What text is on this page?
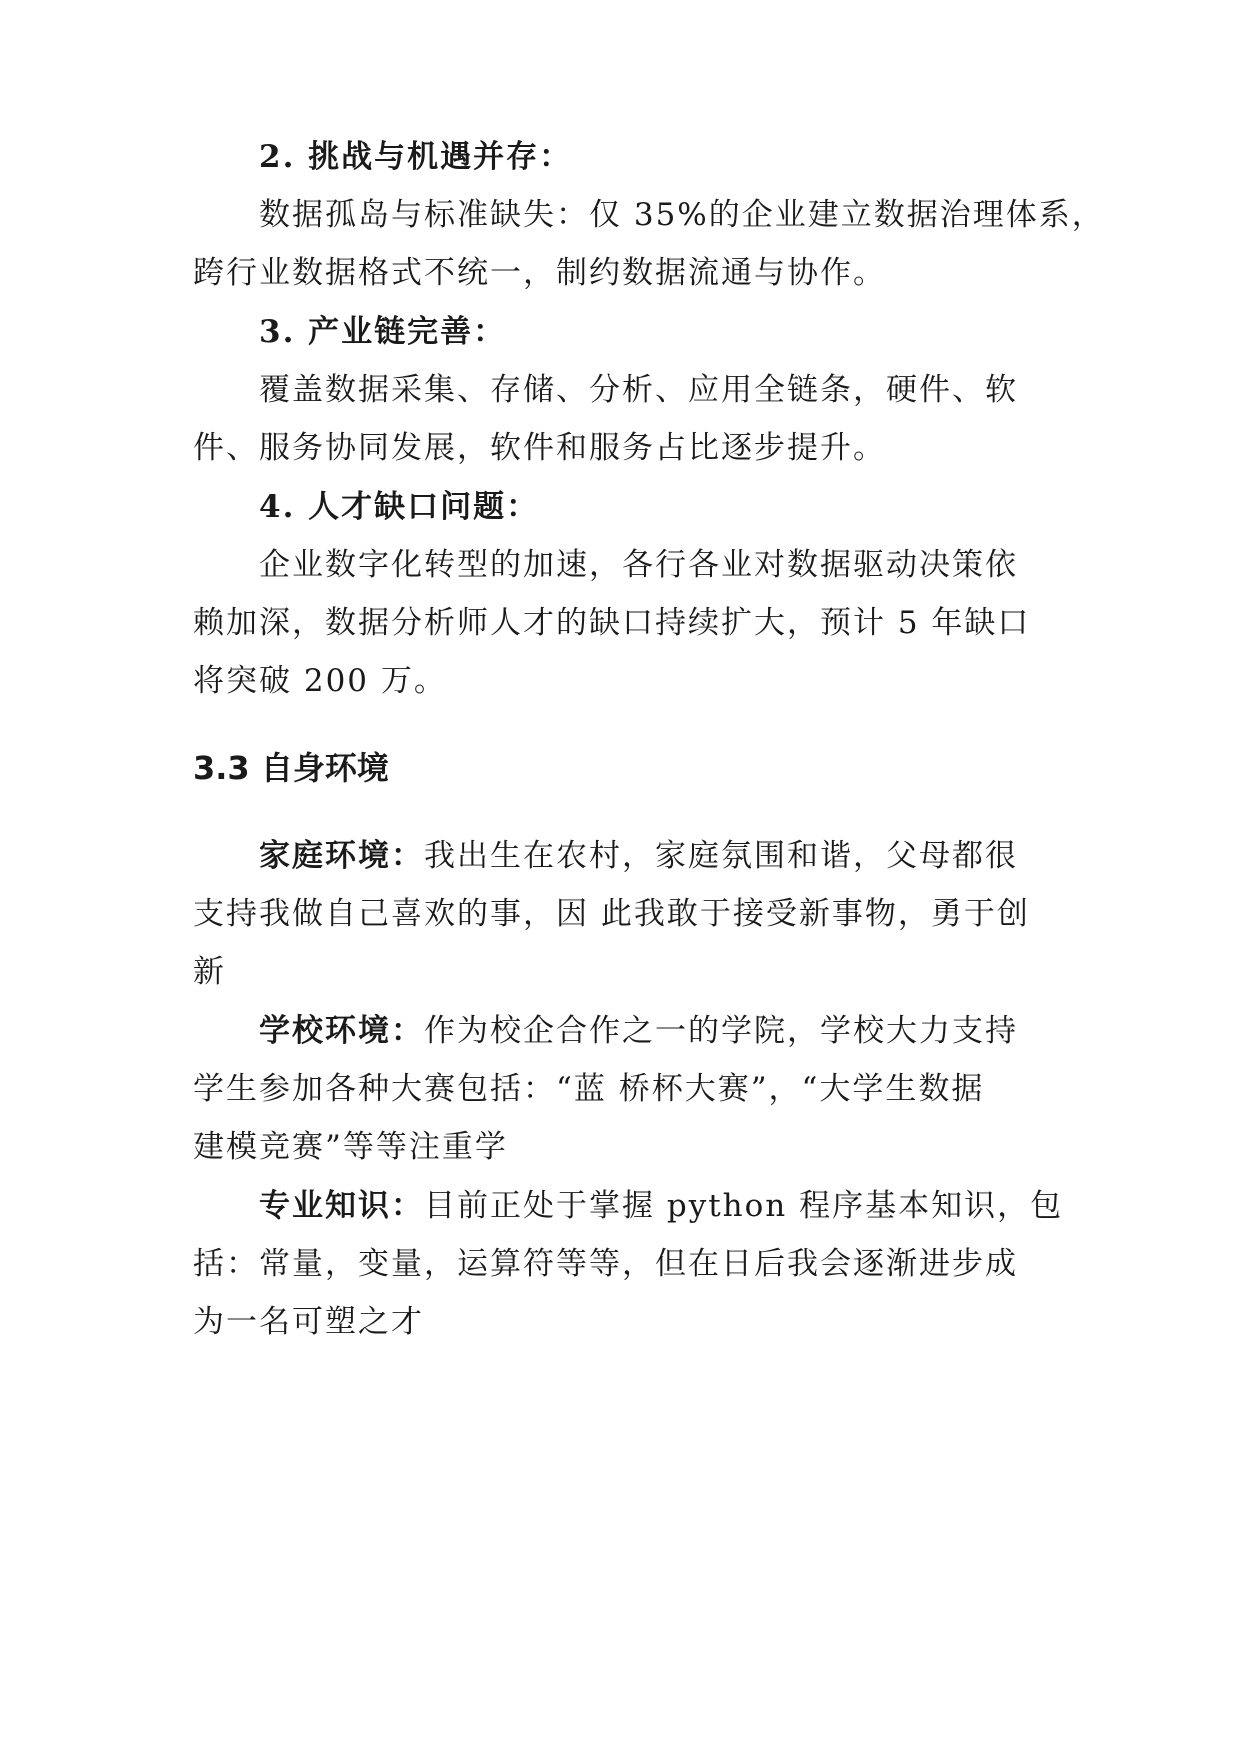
2. 挑战与机遇并存：

数据孤岛与标准缺失：仅 35%的企业建立数据治理体系，

跨行业数据格式不统一，制约数据流通与协作。

3. 产业链完善：

覆盖数据采集、存储、分析、应用全链条，硬件、软

件、服务协同发展，软件和服务占比逐步提升。

4. 人才缺口问题：

企业数字化转型的加速，各行各业对数据驱动决策依

赖加深，数据分析师人才的缺口持续扩大，预计 5 年缺口

将突破 200 万。

3.3 自身环境

家庭环境：我出生在农村，家庭氛围和谐，父母都很

支持我做自己喜欢的事，因 此我敢于接受新事物，勇于创

新

学校环境：作为校企合作之一的学院，学校大力支持

学生参加各种大赛包括：“蓝 桥杯大赛”，“大学生数据

建模竞赛”等等注重学

专业知识：目前正处于掌握 python 程序基本知识，包

括：常量，变量，运算符等等，但在日后我会逐渐进步成

为一名可塑之才
